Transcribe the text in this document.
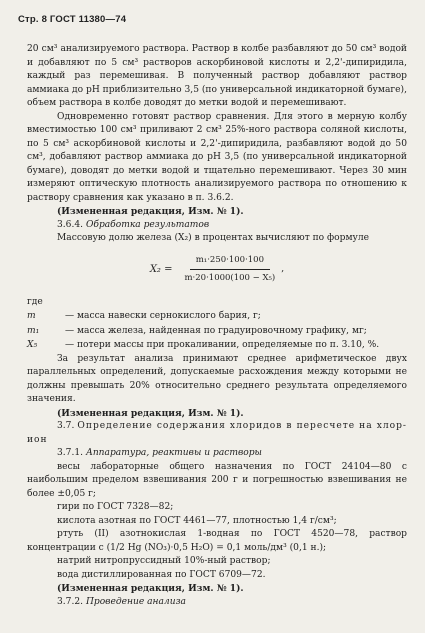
Стр. 8 ГОСТ 11380—74

20 см³ анализируемого раствора. Раствор в колбе разбавляют до 50 см³ водой и добавляют по 5 см³ растворов аскорбиновой кислоты и 2,2'-дипиридила, каждый раз перемешивая. В полученный раствор добавляют раствор аммиака до pH приблизительно 3,5 (по универсальной индикаторной бумаге), объем раствора в колбе доводят до метки водой и перемешивают.

Одновременно готовят раствор сравнения. Для этого в мерную колбу вместимостью 100 см³ приливают 2 см³ 25%-ного раствора соляной кислоты, по 5 см³ аскорбиновой кислоты и 2,2'-дипиридила, разбавляют водой до 50 см³, добавляют раствор аммиака до pH 3,5 (по универсальной индикаторной бумаге), доводят до метки водой и тщательно перемешивают. Через 30 мин измеряют оптическую плотность анализируемого раствора по отношению к раствору сравнения как указано в п. 3.6.2.

(Измененная редакция, Изм. № 1).

3.6.4. Обработка результатов

Массовую долю железа (X₂) в процентах вычисляют по формуле

$X_2 = \frac{\text{m₁·250·100·100}}{\text{m·20·1000(100 − X₅)}}$ ,
где
m	— масса навески сернокислого бария, г;
m₁	— масса железа, найденная по градуировочному графику, мг;
X₅	— потери массы при прокаливании, определяемые по п. 3.10, %.

За результат анализа принимают среднее арифметическое двух параллельных определений, допускаемые расхождения между которыми не должны превышать 20% относительно среднего результата определяемого значения.

(Измененная редакция, Изм. № 1).

3.7. Определение содержания хлоридов в пересчете на хлор-ион

3.7.1. Аппаратура, реактивы и растворы

весы лабораторные общего назначения по ГОСТ 24104—80 с наибольшим пределом взвешивания 200 г и погрешностью взвешивания не более ±0,05 г;

гири по ГОСТ 7328—82;

кислота азотная по ГОСТ 4461—77, плотностью 1,4 г/см³;

ртуть (II) азотнокислая 1-водная по ГОСТ 4520—78, раствор концентрации c (1/2 Hg (NO₃)·0,5 H₂O) = 0,1 моль/дм³ (0,1 н.);

натрий нитропруссидный 10%-ный раствор;

вода дистиллированная по ГОСТ 6709—72.

(Измененная редакция, Изм. № 1).

3.7.2. Проведение анализа
